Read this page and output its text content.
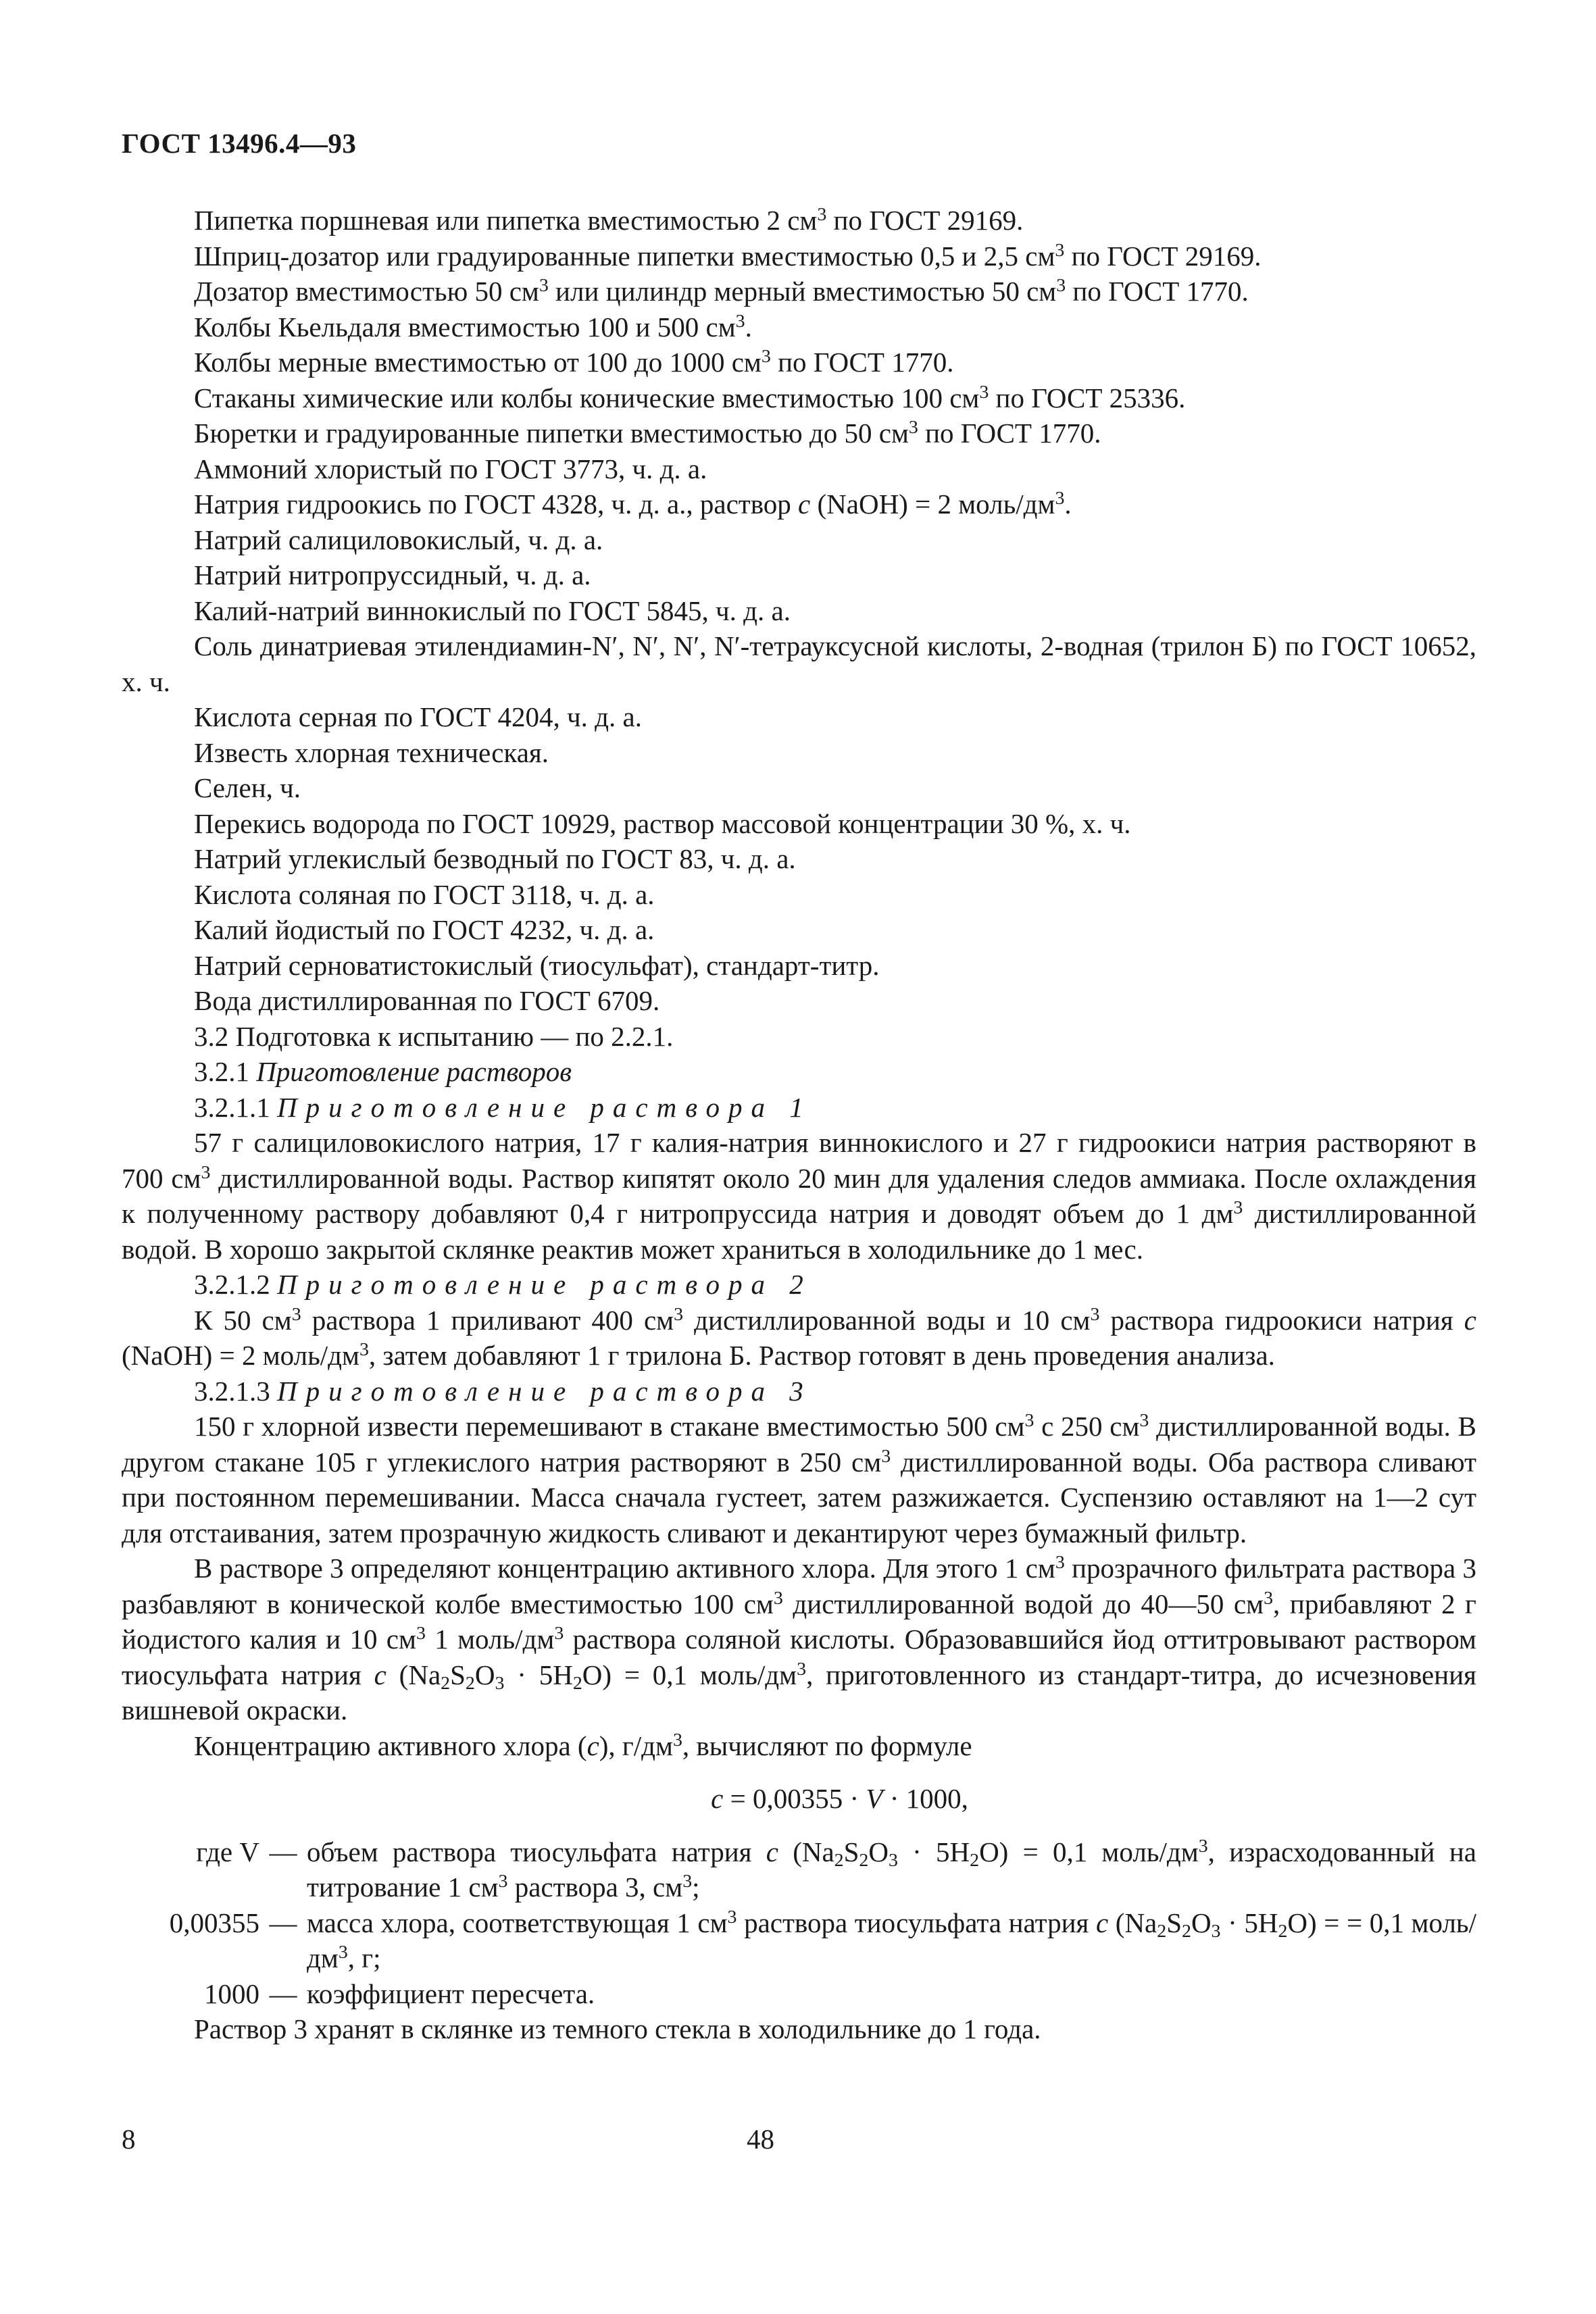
ГОСТ 13496.4—93

Пипетка поршневая или пипетка вместимостью 2 $см^3$ по ГОСТ 29169.

Шприц-дозатор или градуированные пипетки вместимостью 0,5 и 2,5 $см^3$ по ГОСТ 29169.

Дозатор вместимостью 50 $см^3$ или цилиндр мерный вместимостью 50 $см^3$ по ГОСТ 1770.

Колбы Кьельдаля вместимостью 100 и 500 $см^3$.

Колбы мерные вместимостью от 100 до 1000 $см^3$ по ГОСТ 1770.

Стаканы химические или колбы конические вместимостью 100 $см^3$ по ГОСТ 25336.

Бюретки и градуированные пипетки вместимостью до 50 $см^3$ по ГОСТ 1770.

Аммоний хлористый по ГОСТ 3773, ч. д. а.

Натрия гидроокись по ГОСТ 4328, ч. д. а., раствор c (NaOH) = 2 моль/$дм^3$.

Натрий салициловокислый, ч. д. а.

Натрий нитропруссидный, ч. д. а.

Калий-натрий виннокислый по ГОСТ 5845, ч. д. а.

Соль динатриевая этилендиамин-N′, N′, N′, N′-тетрауксусной кислоты, 2-водная (трилон Б) по ГОСТ 10652, х. ч.

Кислота серная по ГОСТ 4204, ч. д. а.

Известь хлорная техническая.

Селен, ч.

Перекись водорода по ГОСТ 10929, раствор массовой концентрации 30 %, х. ч.

Натрий углекислый безводный по ГОСТ 83, ч. д. а.

Кислота соляная по ГОСТ 3118, ч. д. а.

Калий йодистый по ГОСТ 4232, ч. д. а.

Натрий серноватистокислый (тиосульфат), стандарт-титр.

Вода дистиллированная по ГОСТ 6709.

3.2 Подготовка к испытанию — по 2.2.1.

3.2.1 Приготовление растворов

3.2.1.1 Приготовление раствора 1

57 г салициловокислого натрия, 17 г калия-натрия виннокислого и 27 г гидроокиси натрия растворяют в 700 $см^3$ дистиллированной воды. Раствор кипятят около 20 мин для удаления следов аммиака. После охлаждения к полученному раствору добавляют 0,4 г нитропруссида натрия и доводят объем до 1 $дм^3$ дистиллированной водой. В хорошо закрытой склянке реактив может храниться в холодильнике до 1 мес.

3.2.1.2 Приготовление раствора 2

К 50 $см^3$ раствора 1 приливают 400 $см^3$ дистиллированной воды и 10 $см^3$ раствора гидроокиси натрия c (NaOH) = 2 моль/$дм^3$, затем добавляют 1 г трилона Б. Раствор готовят в день проведения анализа.

3.2.1.3 Приготовление раствора 3

150 г хлорной извести перемешивают в стакане вместимостью 500 $см^3$ с 250 $см^3$ дистиллированной воды. В другом стакане 105 г углекислого натрия растворяют в 250 $см^3$ дистиллированной воды. Оба раствора сливают при постоянном перемешивании. Масса сначала густеет, затем разжижается. Суспензию оставляют на 1—2 сут для отстаивания, затем прозрачную жидкость сливают и декантируют через бумажный фильтр.

В растворе 3 определяют концентрацию активного хлора. Для этого 1 $см^3$ прозрачного фильтрата раствора 3 разбавляют в конической колбе вместимостью 100 $см^3$ дистиллированной водой до 40—50 $см^3$, прибавляют 2 г йодистого калия и 10 $см^3$ 1 моль/$дм^3$ раствора соляной кислоты. Образовавшийся йод оттитровывают раствором тиосульфата натрия c $(Na_2S_2O_3 \cdot 5H_2O) = 0,1$ моль/$дм^3$, приготовленного из стандарт-титра, до исчезновения вишневой окраски.

Концентрацию активного хлора (c), $г/дм^3$, вычисляют по формуле

c = 0,00355 · V · 1000,

где V — объем раствора тиосульфата натрия c $(Na_2S_2O_3 \cdot 5H_2O) = 0,1$ моль/$дм^3$, израсходованный на титрование 1 $см^3$ раствора 3, $см^3$;
0,00355 — масса хлора, соответствующая 1 $см^3$ раствора тиосульфата натрия c $(Na_2S_2O_3 \cdot 5H_2O)$ = = 0,1 моль/$дм^3$, г;
1000 — коэффициент пересчета.

Раствор 3 хранят в склянке из темного стекла в холодильнике до 1 года.

8	48
